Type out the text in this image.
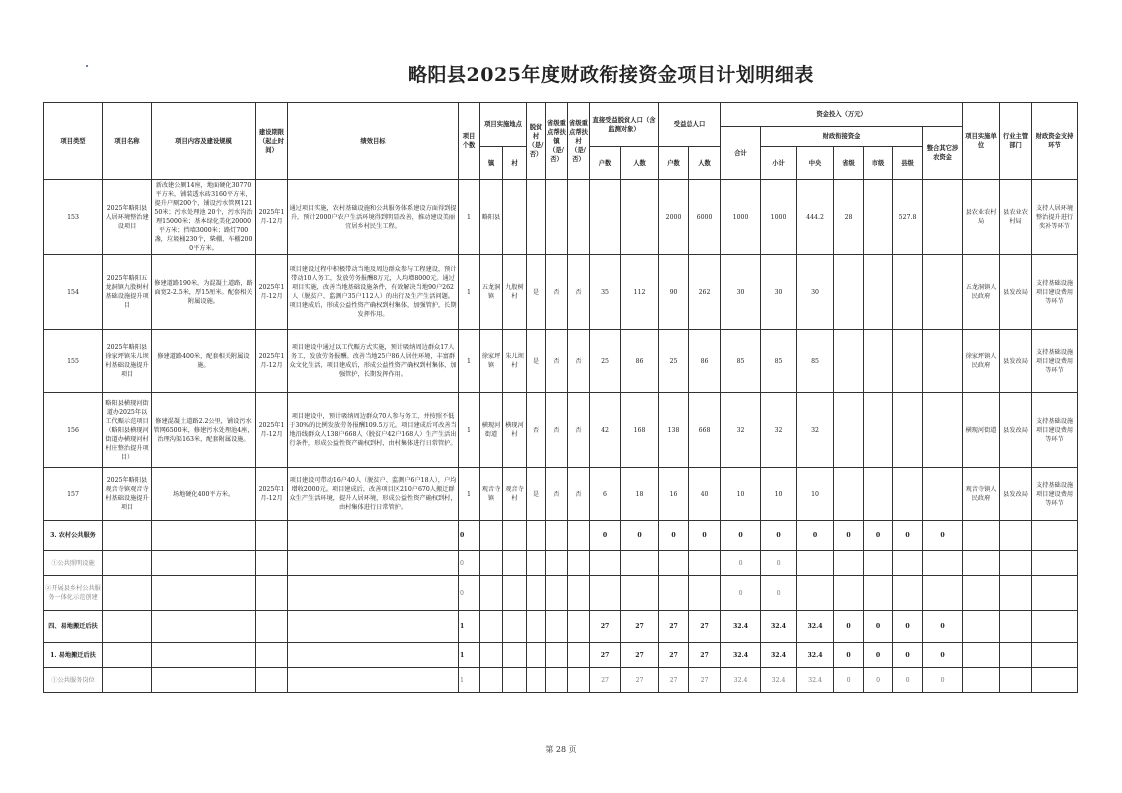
略阳县2025年度财政衔接资金项目计划明细表
项目类型	项目名称	项目内容及建设规模	建设期限（起止时间）	绩效目标	项目个数	项目实施地点		脱贫村（是/否）	省级重点帮扶镇（是/否）	省级重点帮扶村（是/否）	直接受益脱贫人口（含监测对象）		受益总人口		资金投入（万元）							项目实施单位	行业主管部门	财政资金支持环节
															合计	财政衔接资金					整合其它涉农资金			
						镇	村				户数	人数	户数	人数		小计	中央	省级	市级	县级				
153	2025年略阳县人居环境整治建设项目	新改建公厕14座，地面硬化30770平方米，铺装透水砖3160平方米，提升户厕200个，铺设污水管网12150米；污水处理池 20个，污水沟治理15000米；基本绿化美化20000平方米；挡墙3000米；路灯700盏，垃圾桶230个，柴棚、车棚2000平方米。	2025年1月-12月	通过项目实施，农村基础设施和公共服务体系建设方面得到提升，预计2000户农户生活环境得到明显改善，推动建设美丽宜居乡村民生工程。	1	略阳县							2000	6000	1000	1000	444.2	28		527.8		县农业农村局	县农业农村局	支持人居环境整治提升进行奖补等环节
154	2025年略阳五龙洞镇九股树村基础设施提升项目	修建道路190米，为混凝土道路，路面宽2-2.5米，厚15厘米。配套相关附属设施。	2025年1月-12月	项目建设过程中积极带动当地及周边群众参与工程建设，预计带动10人务工，发放劳务报酬8万元，人均增8000元。通过项目实施，改善当地基础设施条件，有效解决当地90户262人（脱贫户、监测户35户112人）的出行及生产生活问题。项目建成后，形成公益性资产确权到村集体，加强管护，长期发挥作用。	1	五龙洞镇	九股树村	是	否	否	35	112	90	262	30	30	30					五龙洞镇人民政府	县发改局	支持基础设施项目建设费用等环节
155	2025年略阳县徐家坪镇朱儿坝村基础设施提升项目	修建道路400米，配套相关附属设施。	2025年1月-12月	项目建设中通过以工代赈方式实施，预计吸纳周边群众17人务工，发放劳务报酬。改善当地25户86人居住环境，丰富群众文化生活，项目建成后，形成公益性资产确权到村集体，加强管护，长期发挥作用。	1	徐家坪镇	朱儿坝村	是	否	否	25	86	25	86	85	85	85					徐家坪镇人民政府	县发改局	支持基础设施项目建设费用等环节
156	略阳县横现河街道办2025年以工代赈示范项目（略阳县横现河街道办横现河村村庄整治提升项目）	修建混凝土道路2.2公里，铺设污水管网6500米，修建污水处理池4座，治理沟渠163米，配套附属设施。	2025年1月-12月	项目建设中，预计吸纳周边群众70人参与务工，并按照不低于30%的比例发放劳务报酬109.5万元。项目建成后可改善当地沿线群众人138户668人（脱贫户42户168人）生产生活出行条件，形成公益性资产确权到村，由村集体进行日常管护。	1	横现河街道	横现河村	否	否	否	42	168	138	668	32	32	32					横现河街道	县发改局	支持基础设施项目建设费用等环节
157	2025年略阳县观音寺镇观音寺村基础设施提升项目	场地硬化400平方米。	2025年1月-12月	项目建设可带动16户40人（脱贫户、监测户6户18人），户均增收2000元。项目建成后，改善项目区210户670人搬迁群众生产生活环境，提升人居环境，形成公益性资产确权到村，由村集体进行日常管护。	1	观音寺镇	观音寺村	是	否	否	6	18	16	40	10	10	10					观音寺镇人民政府	县发改局	支持基础设施项目建设费用等环节
3. 农村公共服务					0						0	0	0	0	0	0	0	0	0	0	0			
①公共照明设施					0										0	0								
②开展县乡村公共服务一体化示范创建					0										0	0								
四、易地搬迁后扶					1						27	27	27	27	32.4	32.4	32.4	0	0	0	0			
1. 易地搬迁后扶					1						27	27	27	27	32.4	32.4	32.4	0	0	0	0			
①公共服务岗位					1						27	27	27	27	32.4	32.4	32.4	0	0	0	0			
第 28 页
